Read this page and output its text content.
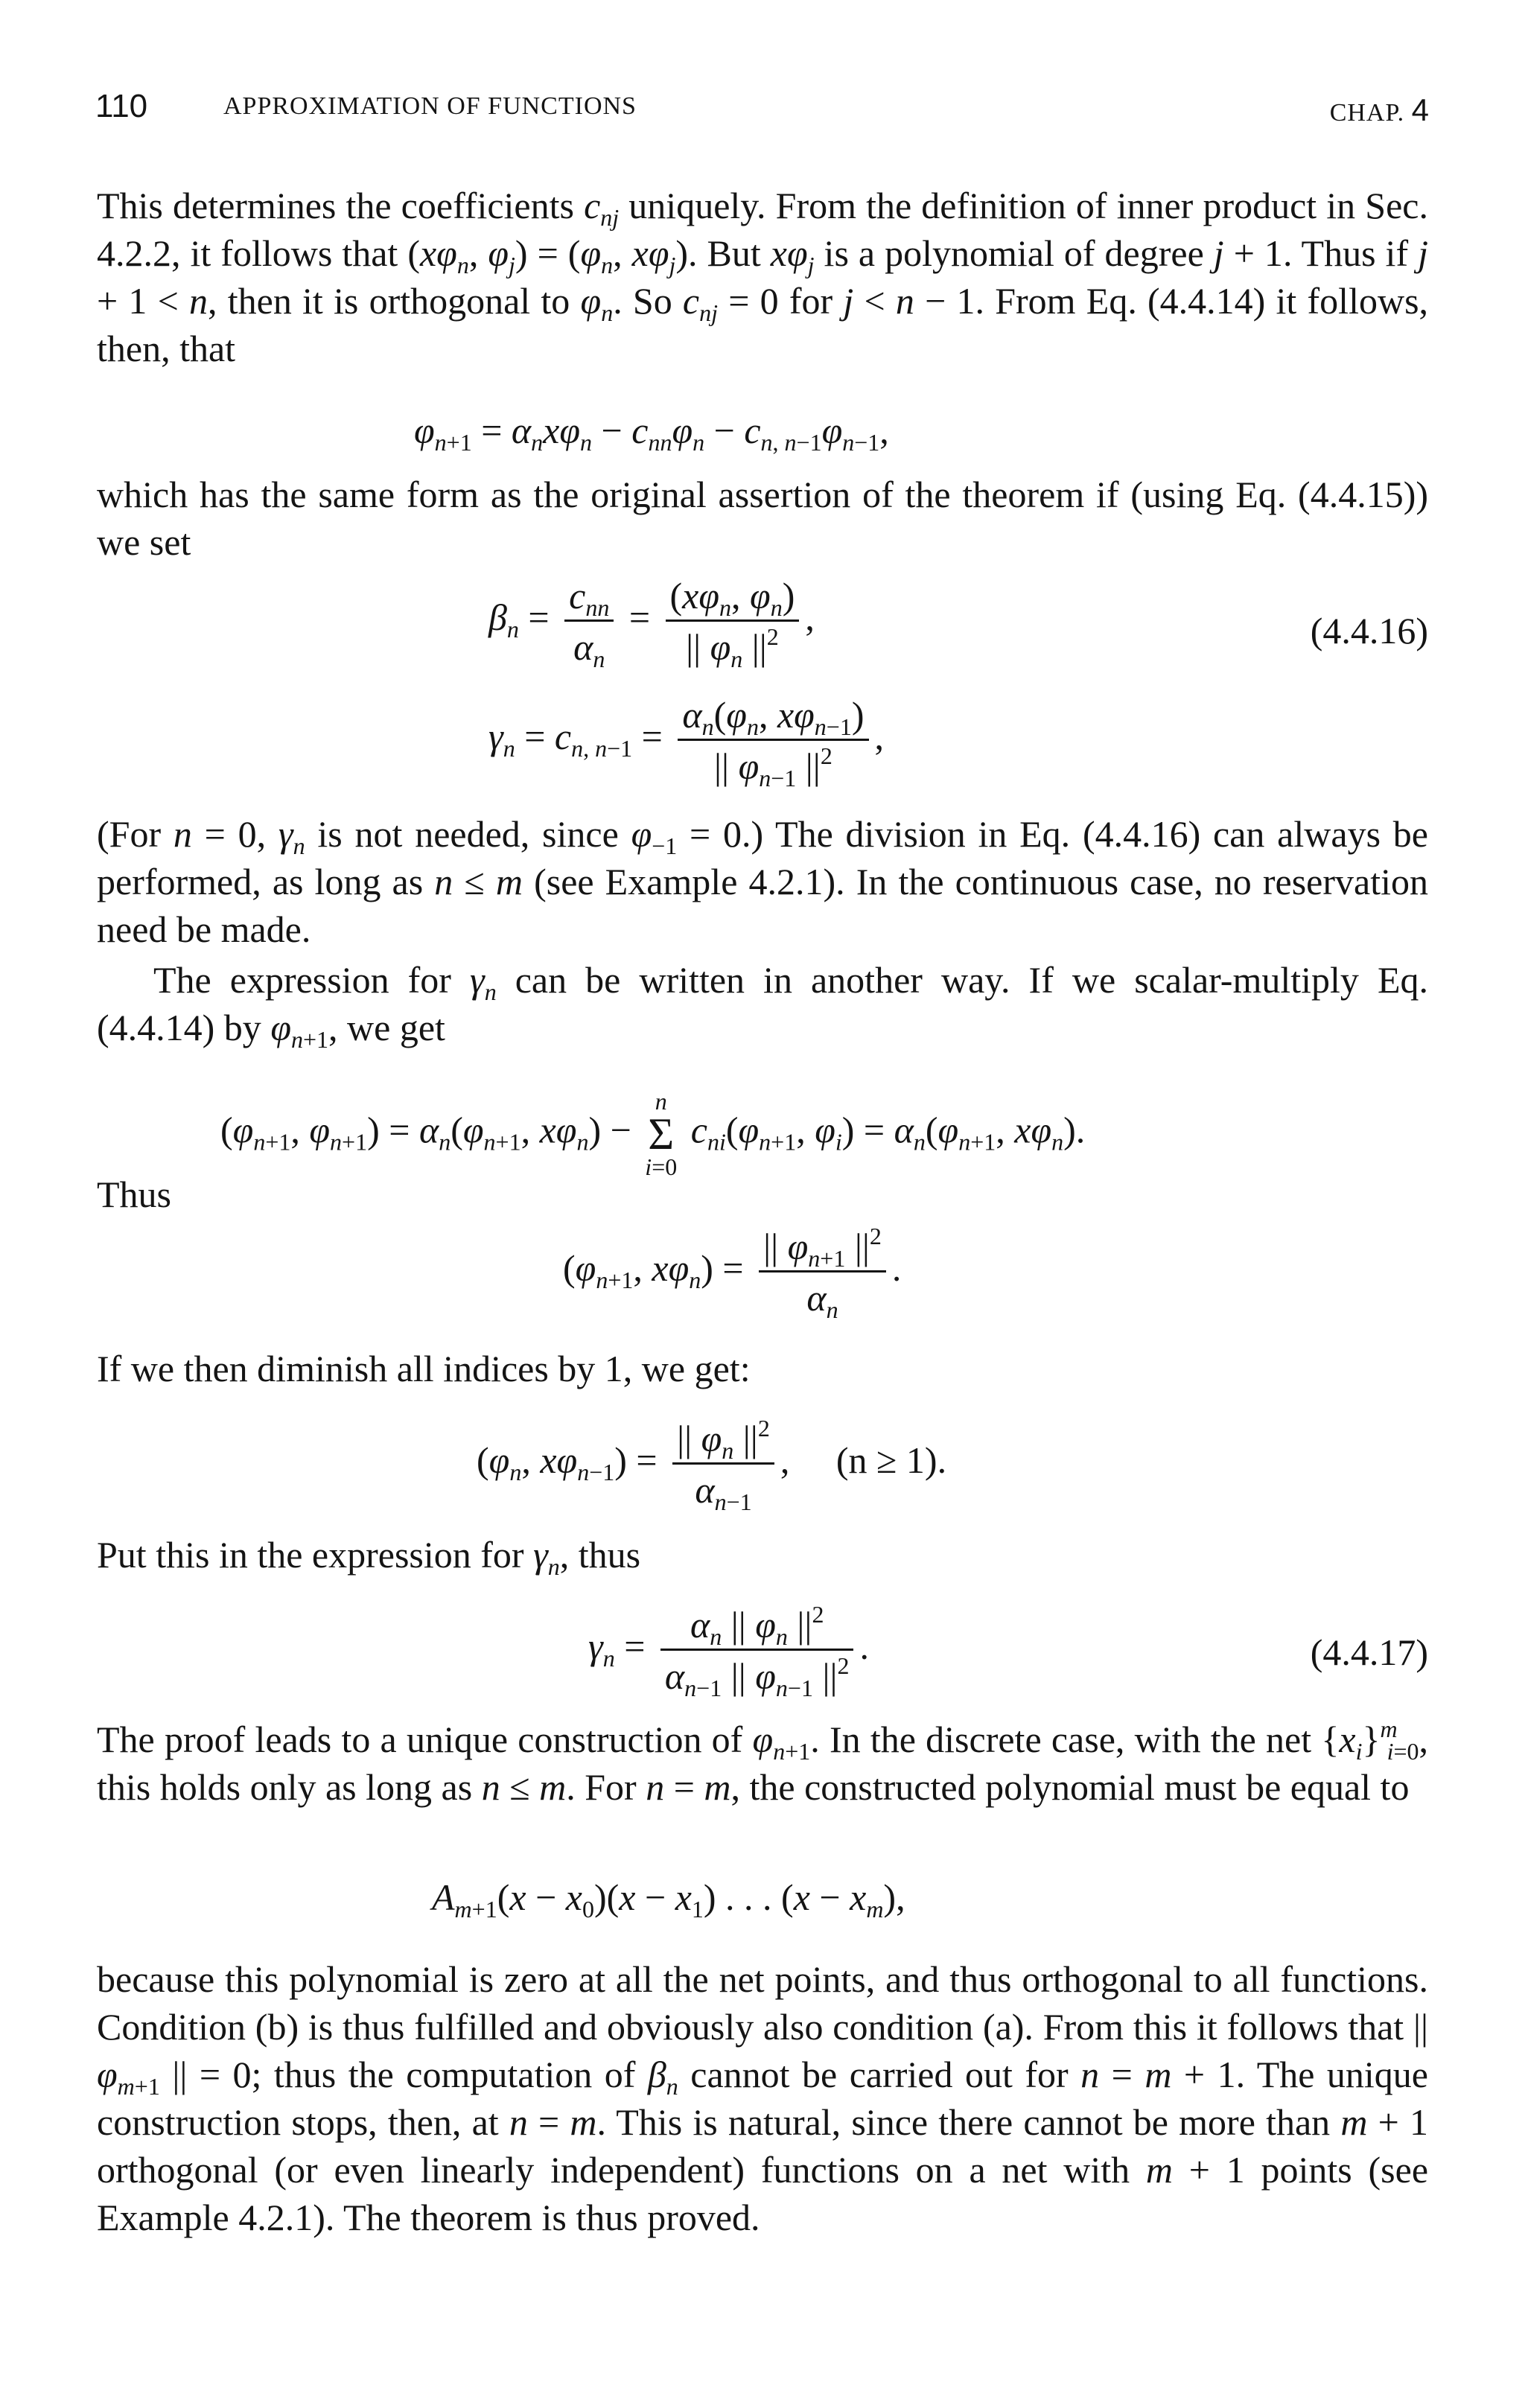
110	APPROXIMATION OF FUNCTIONS	CHAP. 4

This determines the coefficients $c_{nj}$ uniquely. From the definition of inner product in Sec. 4.2.2, it follows that ($x\varphi_n$, $\varphi_j) = (\varphi_n$, $x\varphi_j$). But $x\varphi_j$ is a polynomial of degree j + 1. Thus if j + 1 < n, then it is orthogonal to $\varphi_n$. So $c_{nj} = 0$ for j < n − 1. From Eq. (4.4.14) it follows, then, that

$\varphi_{n+1} = \alpha_nx\varphi_n - c_{nn}\varphi_n - c_{n, n-1}\varphi_{n-1}$,

which has the same form as the original assertion of the theorem if (using Eq. (4.4.15)) we set

$\beta_n = \frac{c_{nn}}{\alpha_n} = \frac{(x\varphi_n, \varphi_n)}{|| \varphi_n ||^2}$ ,	(4.4.16)
$\gamma_n = c_{n, n-1} = \frac{\alpha_n(\varphi_n, x\varphi_{n-1})}{|| \varphi_{n-1} ||^2}$ ,

(For n = 0, $\gamma_n$ is not needed, since $\varphi_{-1} = 0$.) The division in Eq. (4.4.16) can always be performed, as long as n ≤ m (see Example 4.2.1). In the continuous case, no reservation need be made.

The expression for $\gamma_n$ can be written in another way. If we scalar-multiply Eq. (4.4.14) by $\varphi_{n+1}$, we get

($\varphi_{n+1}$, $\varphi_{n+1}) = \alpha_n(\varphi_{n+1}$, $x\varphi_n) - n$
Σ
i=0 $c_{ni}(\varphi_{n+1}$, $\varphi_i) = \alpha_n(\varphi_{n+1}$, $x\varphi_n$).
Thus
($\varphi_{n+1}$, $x\varphi_n) = \frac{|| \varphi_{n+1} ||^2}{\alpha_n}$ .

If we then diminish all indices by 1, we get:

($\varphi_n$, $x\varphi_{n-1}) = \frac{|| \varphi_n ||^2}{\alpha_{n-1}}$ ,  (n ≥ 1).

Put this in the expression for $\gamma_n$, thus

$\gamma_n = \frac{\alpha_n || \varphi_n ||^2}{\alpha_{n-1} || \varphi_{n-1} ||^2}$ .	(4.4.17)

The proof leads to a unique construction of $\varphi_{n+1}$. In the discrete case, with the net $\{x_i\}^m_{i=0}$, this holds only as long as n ≤ m. For n = m, the constructed polynomial must be equal to

$A_{m+1}(x - x_0)(x - x_1)$ . . . $(x - x_m)$,

because this polynomial is zero at all the net points, and thus orthogonal to all functions. Condition (b) is thus fulfilled and obviously also condition (a). From this it follows that || $\varphi_{m+1}$ || = 0; thus the computation of $\beta_n$ cannot be carried out for n = m + 1. The unique construction stops, then, at n = m. This is natural, since there cannot be more than m + 1 orthogonal (or even linearly independent) functions on a net with m + 1 points (see Example 4.2.1). The theorem is thus proved.
